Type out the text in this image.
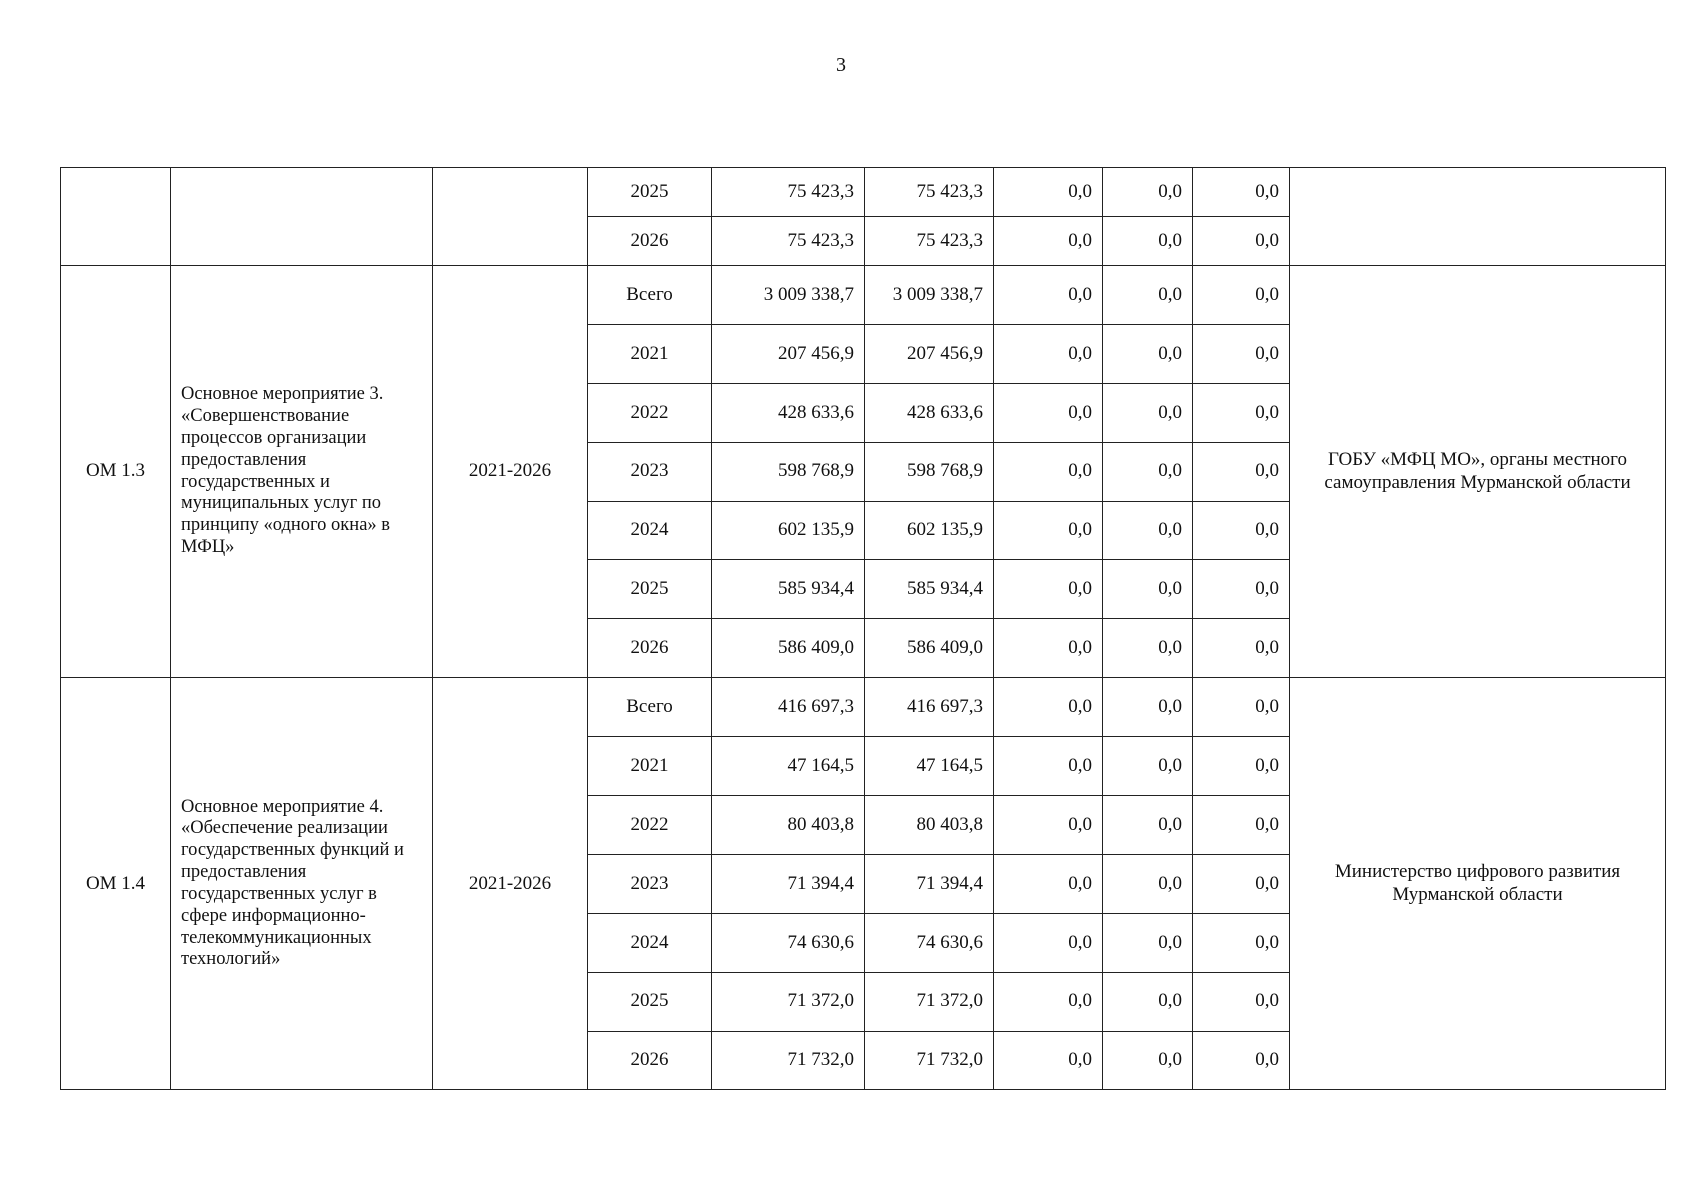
3
			2025	75 423,3	75 423,3	0,0	0,0	0,0	
			2026	75 423,3	75 423,3	0,0	0,0	0,0	
ОМ 1.3	Основное мероприятие 3. «Совершенствование процессов организации предоставления государственных и муниципальных услуг по принципу «одного окна» в МФЦ»	2021-2026	Всего	3 009 338,7	3 009 338,7	0,0	0,0	0,0	ГОБУ «МФЦ МО», органы местного самоуправления Мурманской области
			2021	207 456,9	207 456,9	0,0	0,0	0,0	
			2022	428 633,6	428 633,6	0,0	0,0	0,0	
			2023	598 768,9	598 768,9	0,0	0,0	0,0	
			2024	602 135,9	602 135,9	0,0	0,0	0,0	
			2025	585 934,4	585 934,4	0,0	0,0	0,0	
			2026	586 409,0	586 409,0	0,0	0,0	0,0	
ОМ 1.4	Основное мероприятие 4. «Обеспечение реализации государственных функций и предоставления государственных услуг в сфере информационно-телекоммуникационных технологий»	2021-2026	Всего	416 697,3	416 697,3	0,0	0,0	0,0	Министерство цифрового развития Мурманской области
			2021	47 164,5	47 164,5	0,0	0,0	0,0	
			2022	80 403,8	80 403,8	0,0	0,0	0,0	
			2023	71 394,4	71 394,4	0,0	0,0	0,0	
			2024	74 630,6	74 630,6	0,0	0,0	0,0	
			2025	71 372,0	71 372,0	0,0	0,0	0,0	
			2026	71 732,0	71 732,0	0,0	0,0	0,0	
